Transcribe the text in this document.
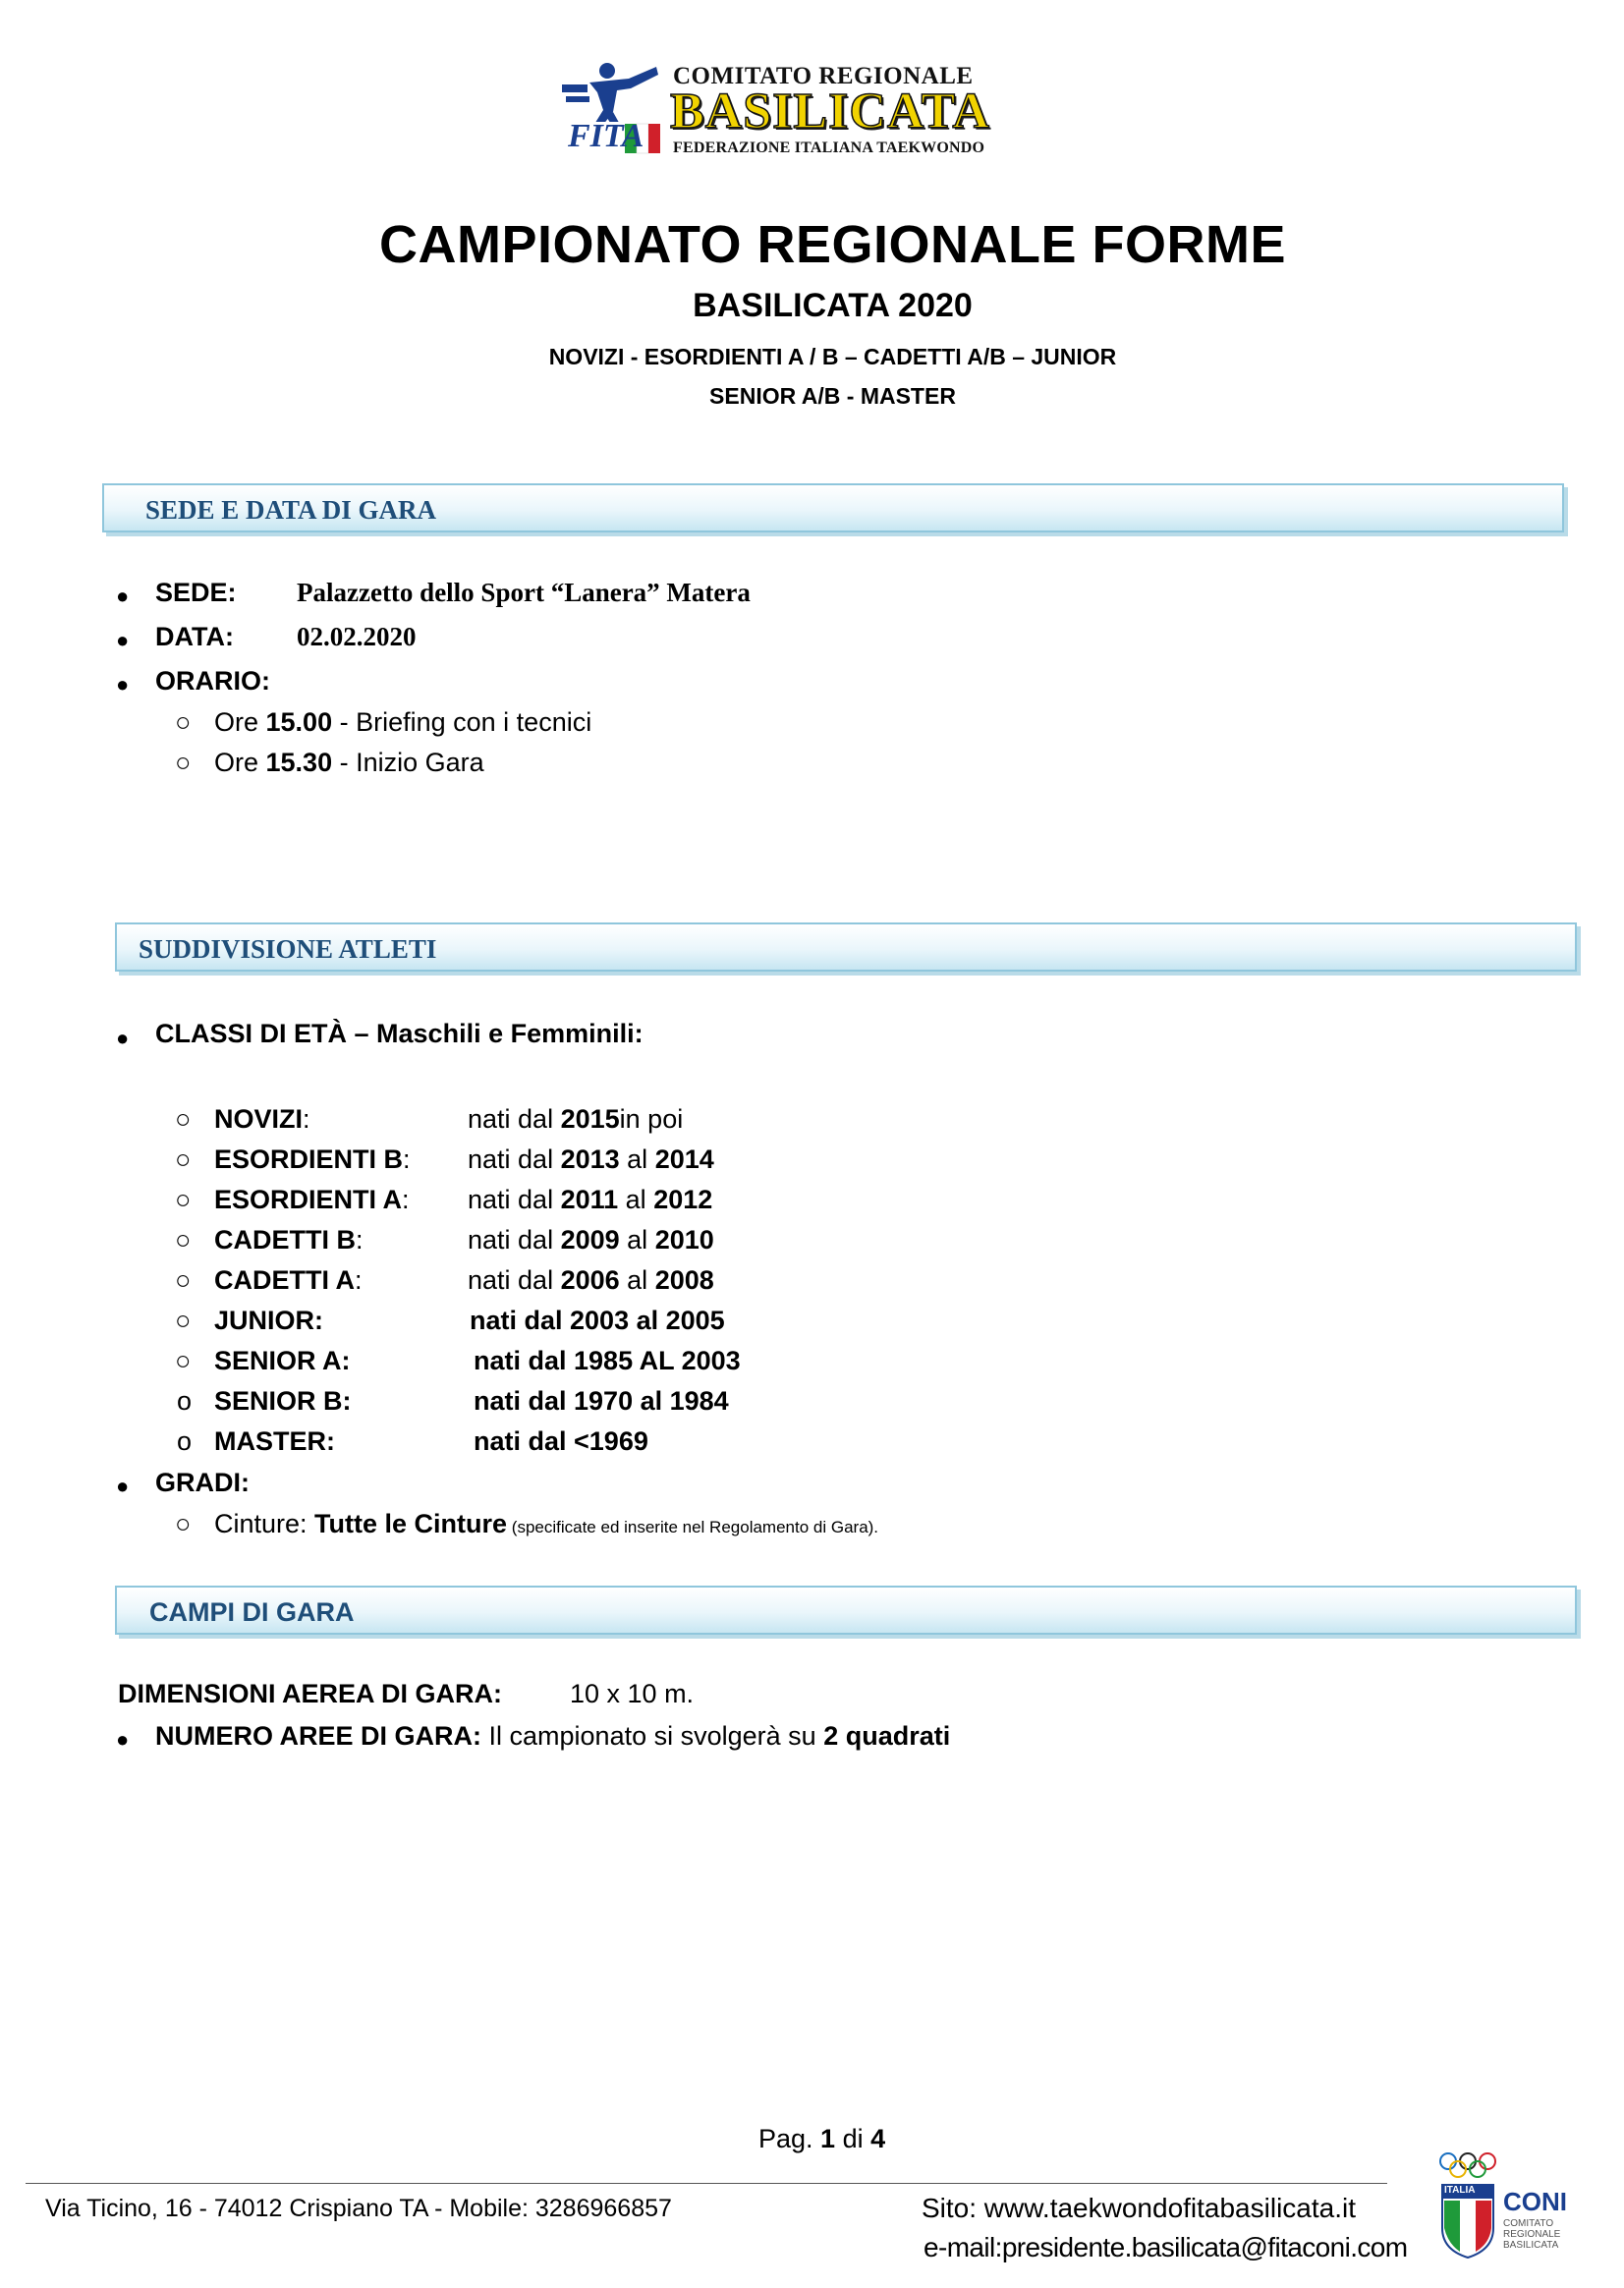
FITA
COMITATO REGIONALE
BASILICATA
FEDERAZIONE ITALIANA TAEKWONDO
CAMPIONATO REGIONALE FORME
BASILICATA 2020
NOVIZI - ESORDIENTI A / B – CADETTI A/B – JUNIOR
SENIOR A/B - MASTER
SEDE E DATA DI GARA
● SEDE: Palazzetto dello Sport “Lanera” Matera
● DATA: 02.02.2020
● ORARIO:
○ Ore 15.00 - Briefing con i tecnici
○ Ore 15.30 - Inizio Gara
SUDDIVISIONE ATLETI
● CLASSI DI ETÀ – Maschili e Femminili:
○ NOVIZI:	nati dal 2015in poi
○ ESORDIENTI B: nati dal 2013 al 2014
○ ESORDIENTI A: nati dal 2011 al 2012
○ CADETTI B:	nati dal 2009 al 2010
○ CADETTI A:	nati dal 2006 al 2008
○ JUNIOR:	nati dal 2003 al 2005
○ SENIOR A:	nati dal 1985 AL 2003
o SENIOR B:	nati dal 1970 al 1984
o MASTER:	nati dal <1969
● GRADI:
○ Cinture: Tutte le Cinture (specificate ed inserite nel Regolamento di Gara).
CAMPI DI GARA
DIMENSIONI AEREA DI GARA:	10 x 10 m.
● NUMERO AREE DI GARA: Il campionato si svolgerà su 2 quadrati
Pag. 1 di 4
Via Ticino, 16 - 74012 Crispiano TA - Mobile: 3286966857	Sito: www.taekwondofitabasilicata.it
e-mail:presidente.basilicata@fitaconi.com
ITALIA CONI
COMITATO
REGIONALE
BASILICATA
